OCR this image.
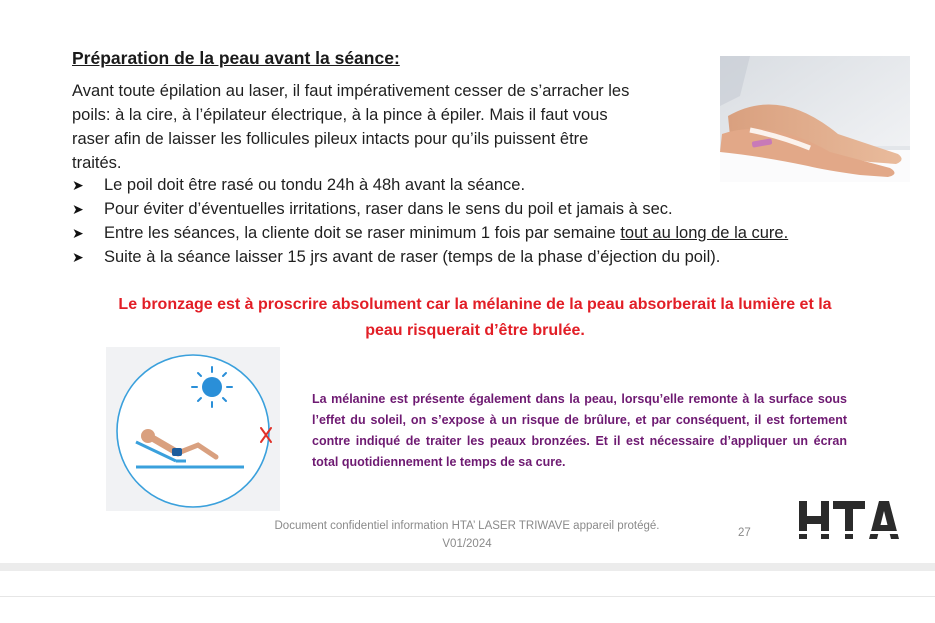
Préparation de la peau avant la séance:

Avant toute épilation au laser, il faut impérativement cesser de s’arracher les
poils: à la cire, à l’épilateur électrique, à la pince à épiler. Mais il faut vous
raser afin de laisser les follicules pileux intacts pour qu’ils puissent être
traités.

➤	Le poil doit être rasé ou tondu 24h à 48h avant la séance.
➤	Pour éviter d’éventuelles irritations, raser dans le sens du poil et jamais à sec.
➤	Entre les séances, la cliente doit se raser minimum 1 fois par semaine tout au long de la cure.
➤	Suite à la séance laisser 15 jrs avant de raser (temps de la phase d’éjection du poil).

Le bronzage est à proscrire absolument car la mélanine de la peau absorberait la lumière et la
peau risquerait d’être brulée.

La mélanine est présente également dans la peau, lorsqu’elle remonte à la surface sous l’effet du soleil, on s’expose à un risque de brûlure, et par conséquent, il est fortement contre indiqué de traiter les peaux bronzées. Et il est nécessaire d’appliquer un écran total quotidiennement le temps de sa cure.

Document confidentiel information HTA’ LASER TRIWAVE appareil protégé.
V01/2024

27
